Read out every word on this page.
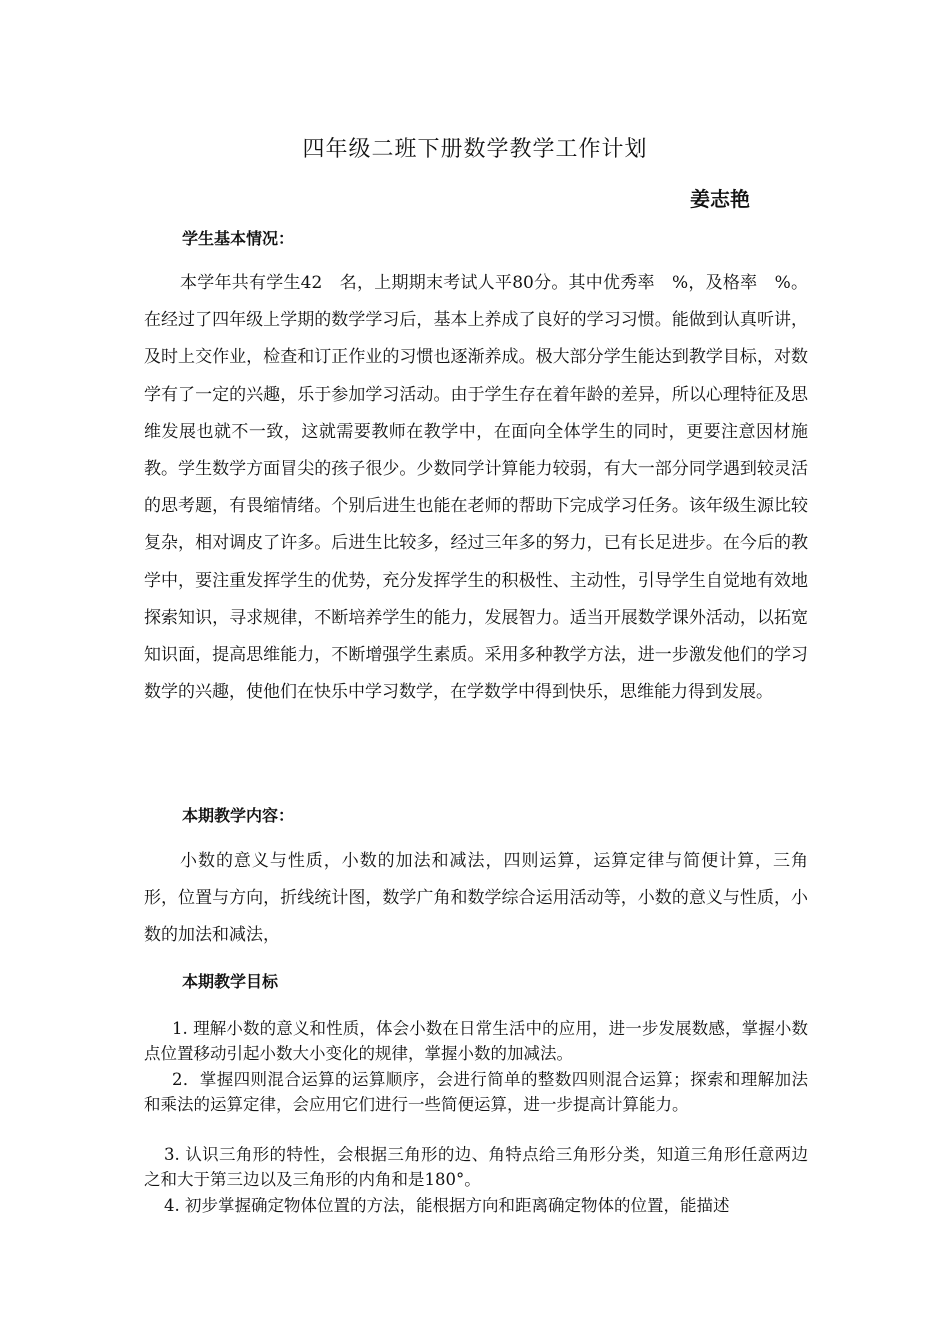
四年级二班下册数学教学工作计划
姜志艳
学生基本情况：

本学年共有学生42　名，上期期末考试人平80分。其中优秀率　%，及格率　%。在经过了四年级上学期的数学学习后，基本上养成了良好的学习习惯。能做到认真听讲，及时上交作业，检查和订正作业的习惯也逐渐养成。极大部分学生能达到教学目标，对数学有了一定的兴趣，乐于参加学习活动。由于学生存在着年龄的差异，所以心理特征及思维发展也就不一致，这就需要教师在教学中，在面向全体学生的同时，更要注意因材施教。学生数学方面冒尖的孩子很少。少数同学计算能力较弱，有大一部分同学遇到较灵活的思考题，有畏缩情绪。个别后进生也能在老师的帮助下完成学习任务。该年级生源比较复杂，相对调皮了许多。后进生比较多，经过三年多的努力，已有长足进步。在今后的教学中，要注重发挥学生的优势，充分发挥学生的积极性、主动性，引导学生自觉地有效地探索知识，寻求规律，不断培养学生的能力，发展智力。适当开展数学课外活动，以拓宽知识面，提高思维能力，不断增强学生素质。采用多种教学方法，进一步激发他们的学习数学的兴趣，使他们在快乐中学习数学，在学数学中得到快乐，思维能力得到发展。

本期教学内容：

小数的意义与性质，小数的加法和减法，四则运算，运算定律与简便计算，三角形，位置与方向，折线统计图，数学广角和数学综合运用活动等，小数的意义与性质，小数的加法和减法，

本期教学目标

1. 理解小数的意义和性质，体会小数在日常生活中的应用，进一步发展数感，掌握小数点位置移动引起小数大小变化的规律，掌握小数的加减法。

2．掌握四则混合运算的运算顺序，会进行简单的整数四则混合运算；探索和理解加法和乘法的运算定律，会应用它们进行一些简便运算，进一步提高计算能力。

3. 认识三角形的特性，会根据三角形的边、角特点给三角形分类，知道三角形任意两边之和大于第三边以及三角形的内角和是180°。

4. 初步掌握确定物体位置的方法，能根据方向和距离确定物体的位置，能描述
